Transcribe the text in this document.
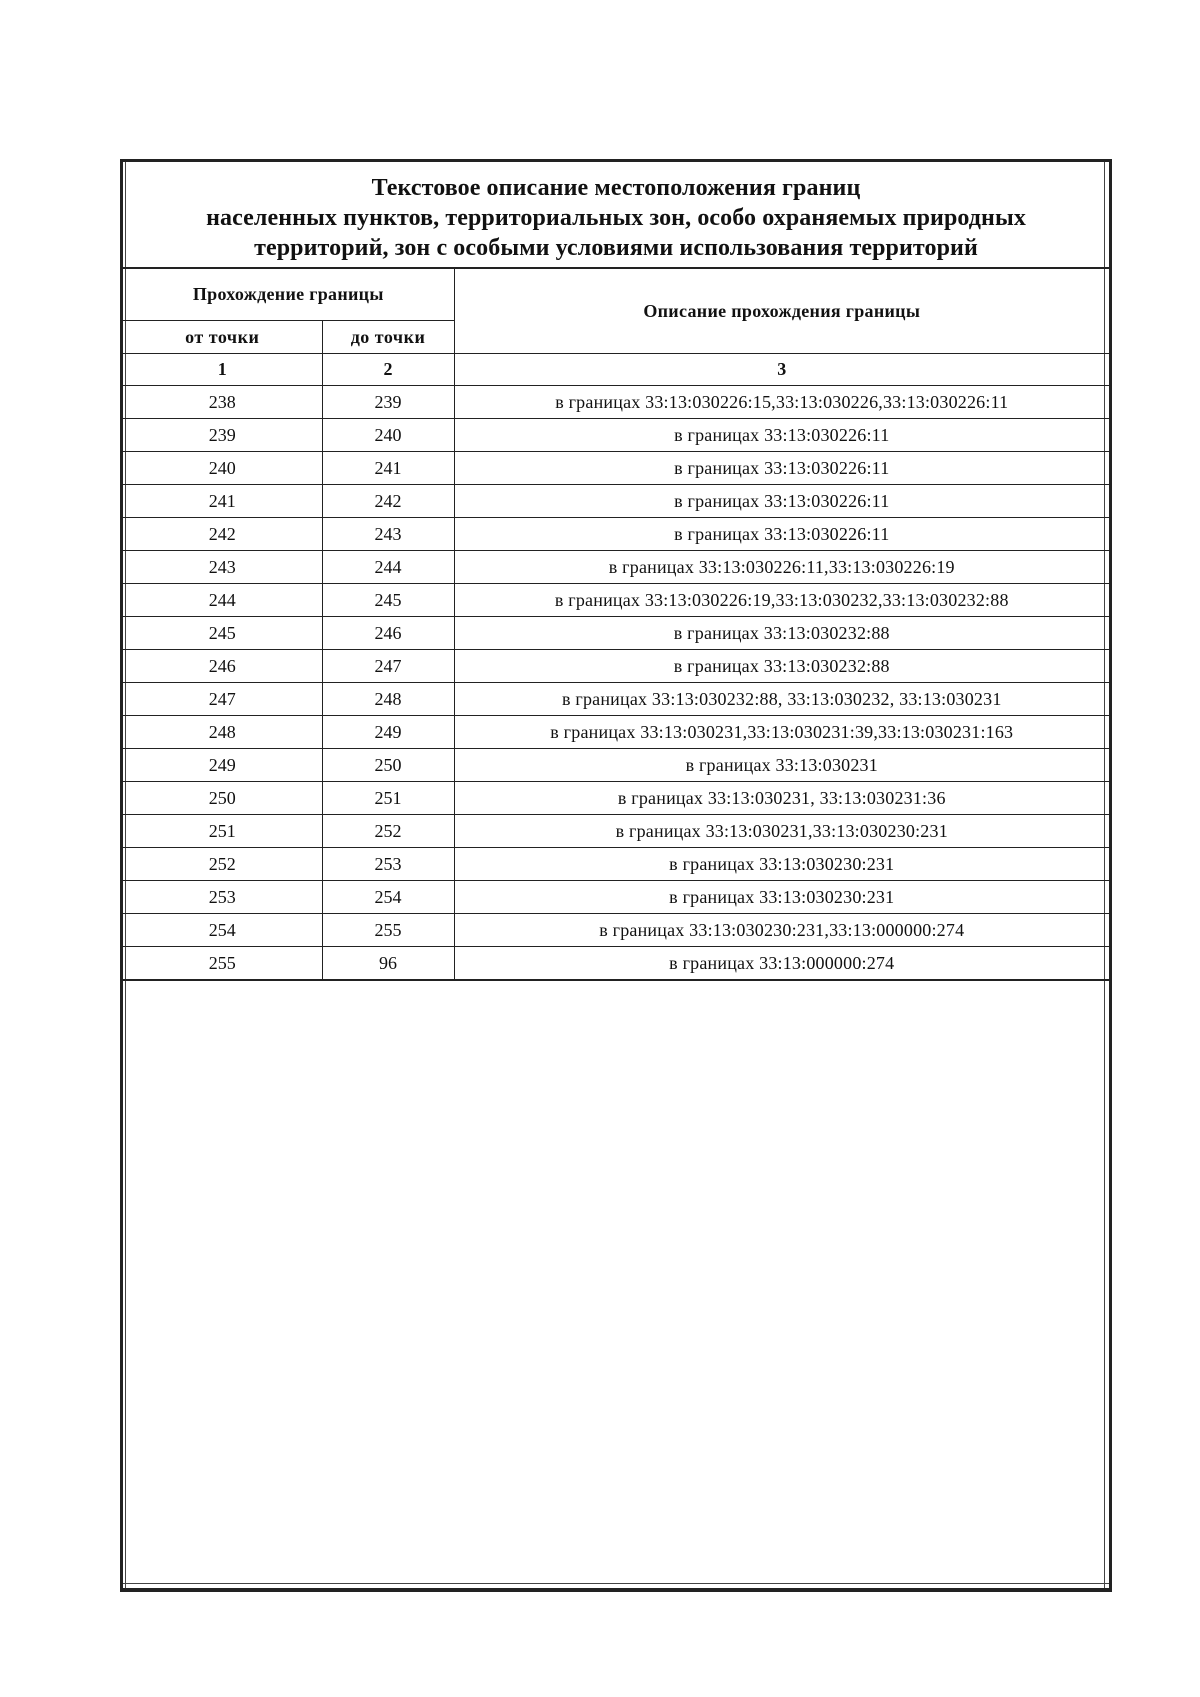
Текстовое описание местоположения границ
населенных пунктов, территориальных зон, особо охраняемых природных
территорий, зон с особыми условиями использования территорий
Прохождение границы		Описание прохождения границы
от точки	до точки	
1	2	3
238	239	в границах 33:13:030226:15,33:13:030226,33:13:030226:11
239	240	в границах 33:13:030226:11
240	241	в границах 33:13:030226:11
241	242	в границах 33:13:030226:11
242	243	в границах 33:13:030226:11
243	244	в границах 33:13:030226:11,33:13:030226:19
244	245	в границах 33:13:030226:19,33:13:030232,33:13:030232:88
245	246	в границах 33:13:030232:88
246	247	в границах 33:13:030232:88
247	248	в границах 33:13:030232:88, 33:13:030232, 33:13:030231
248	249	в границах 33:13:030231,33:13:030231:39,33:13:030231:163
249	250	в границах 33:13:030231
250	251	в границах 33:13:030231, 33:13:030231:36
251	252	в границах 33:13:030231,33:13:030230:231
252	253	в границах 33:13:030230:231
253	254	в границах 33:13:030230:231
254	255	в границах 33:13:030230:231,33:13:000000:274
255	96	в границах 33:13:000000:274
